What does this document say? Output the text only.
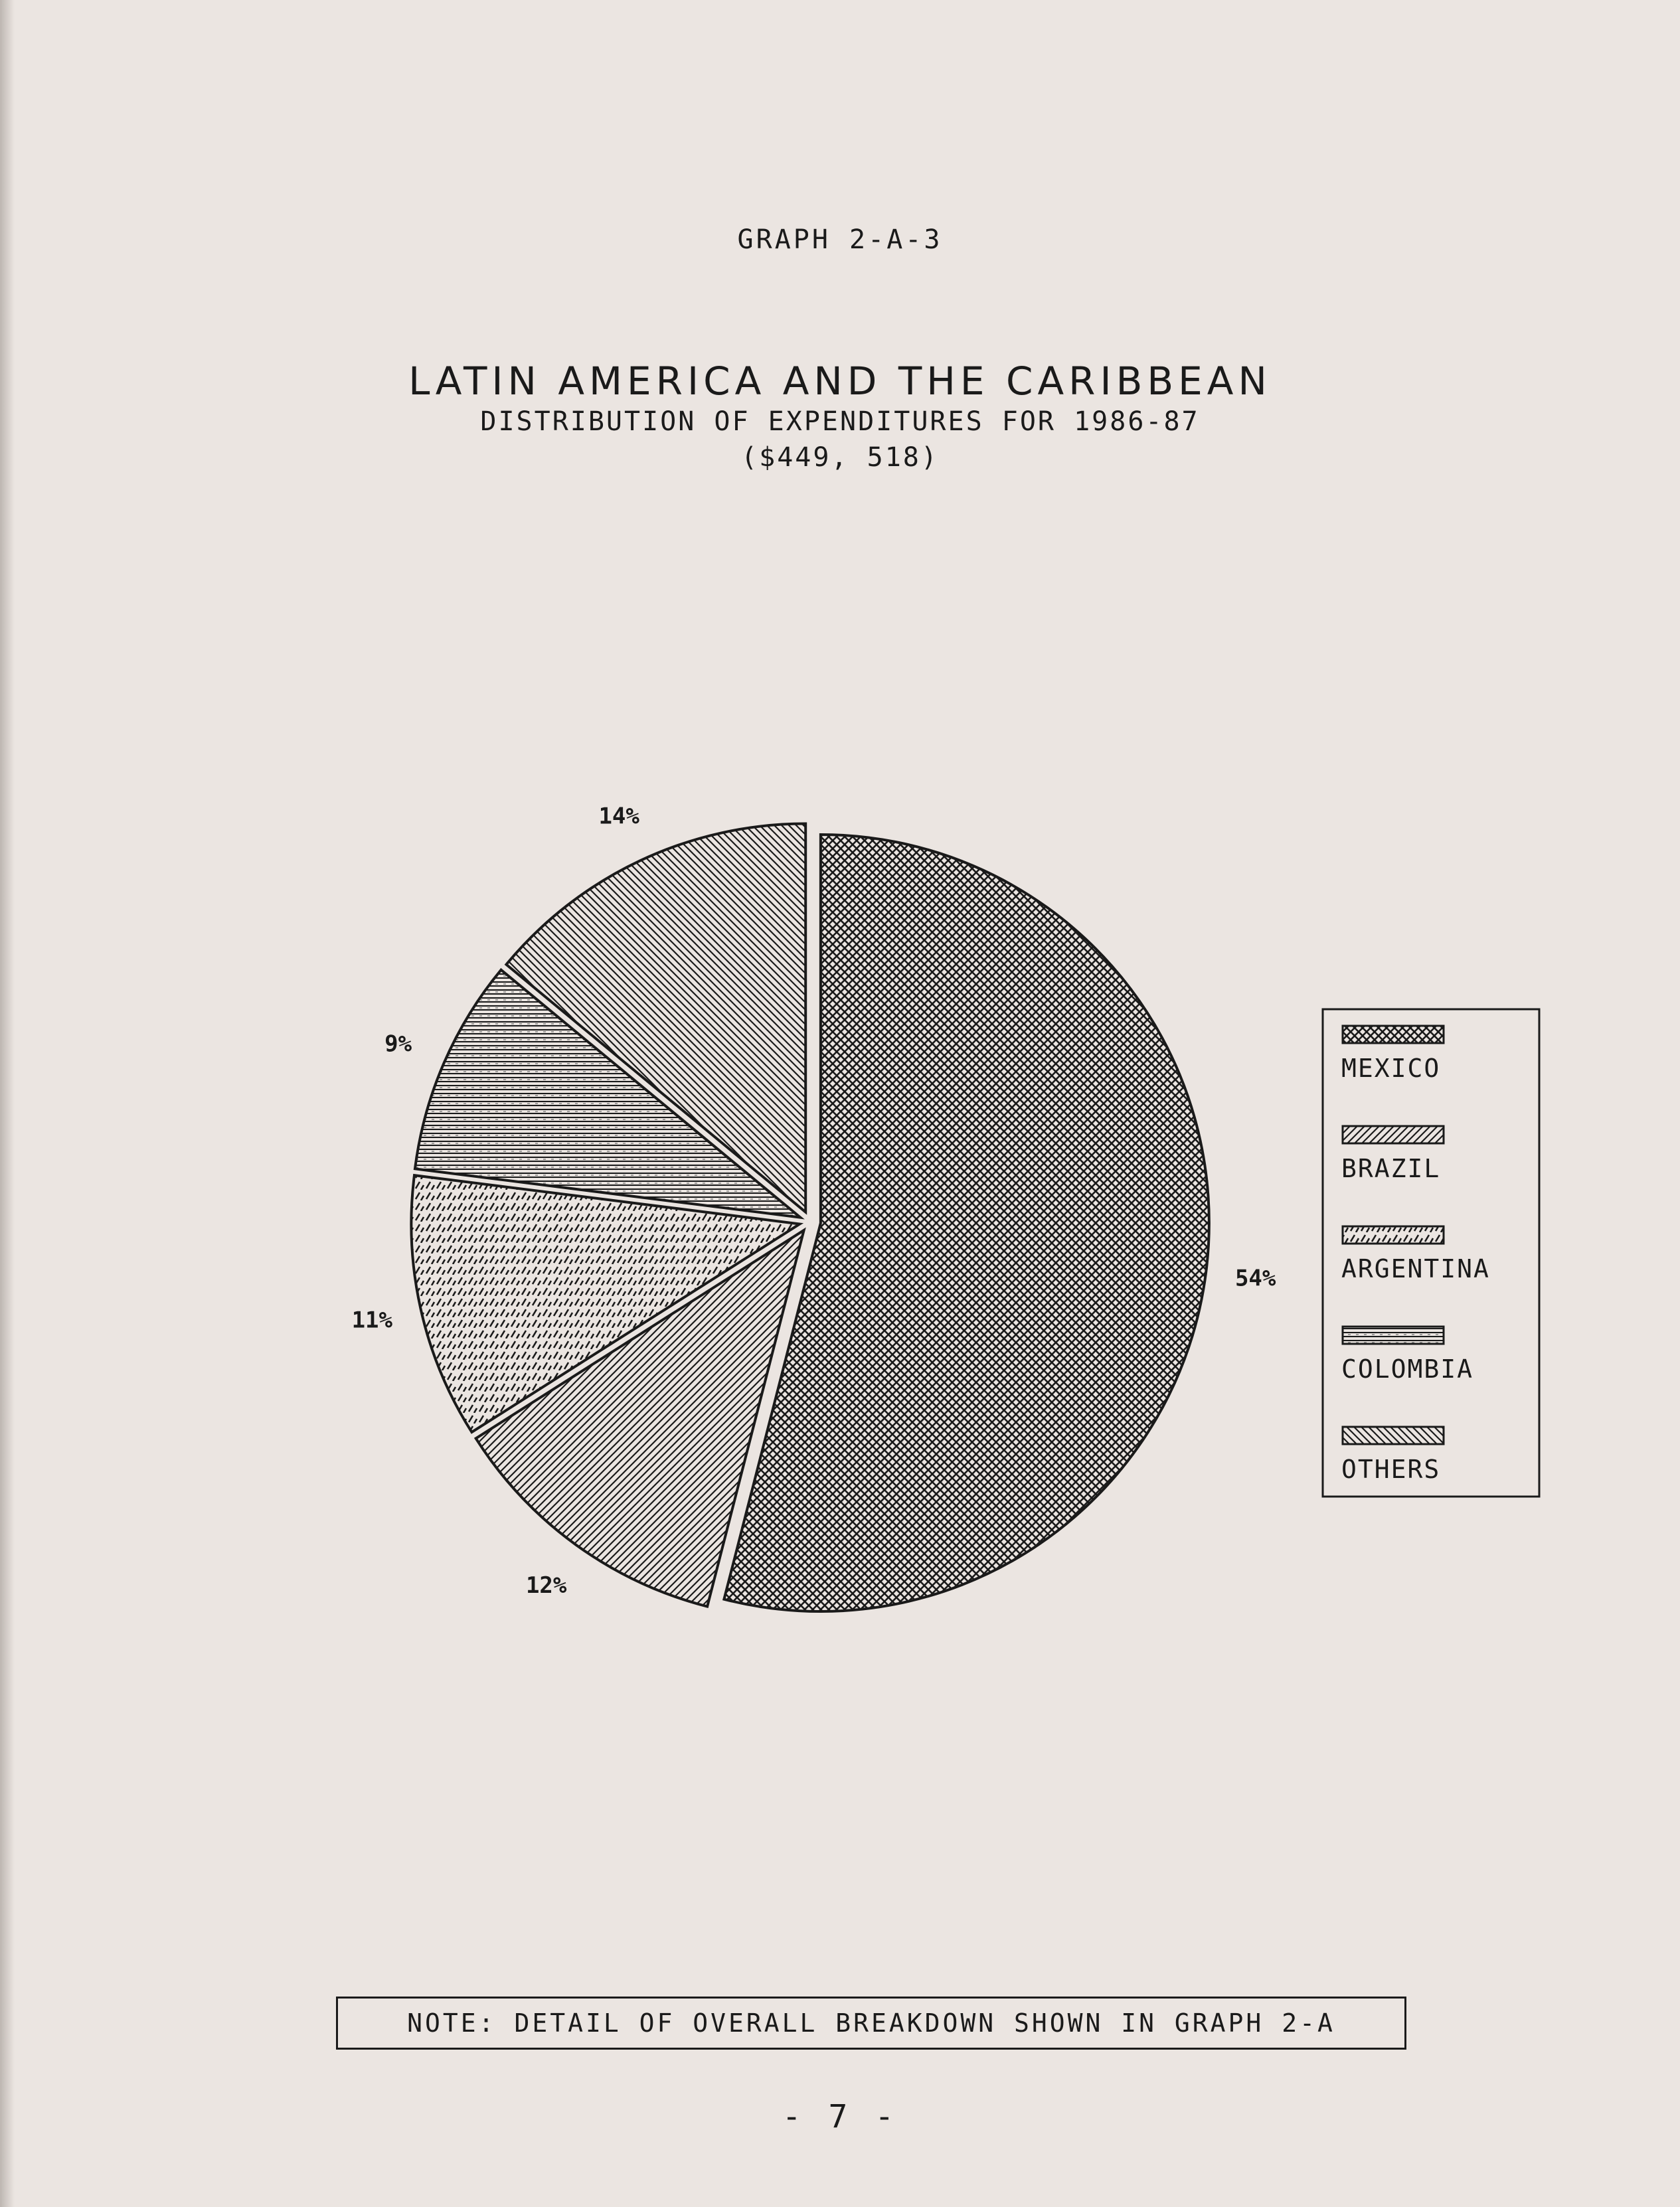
GRAPH 2-A-3
LATIN AMERICA AND THE CARIBBEAN
DISTRIBUTION OF EXPENDITURES FOR 1986-87
($449, 518)
54%
12%
11%
9%
14%
MEXICO
BRAZIL
ARGENTINA
COLOMBIA
OTHERS
NOTE: DETAIL OF OVERALL BREAKDOWN SHOWN IN GRAPH 2-A
- 7 -
